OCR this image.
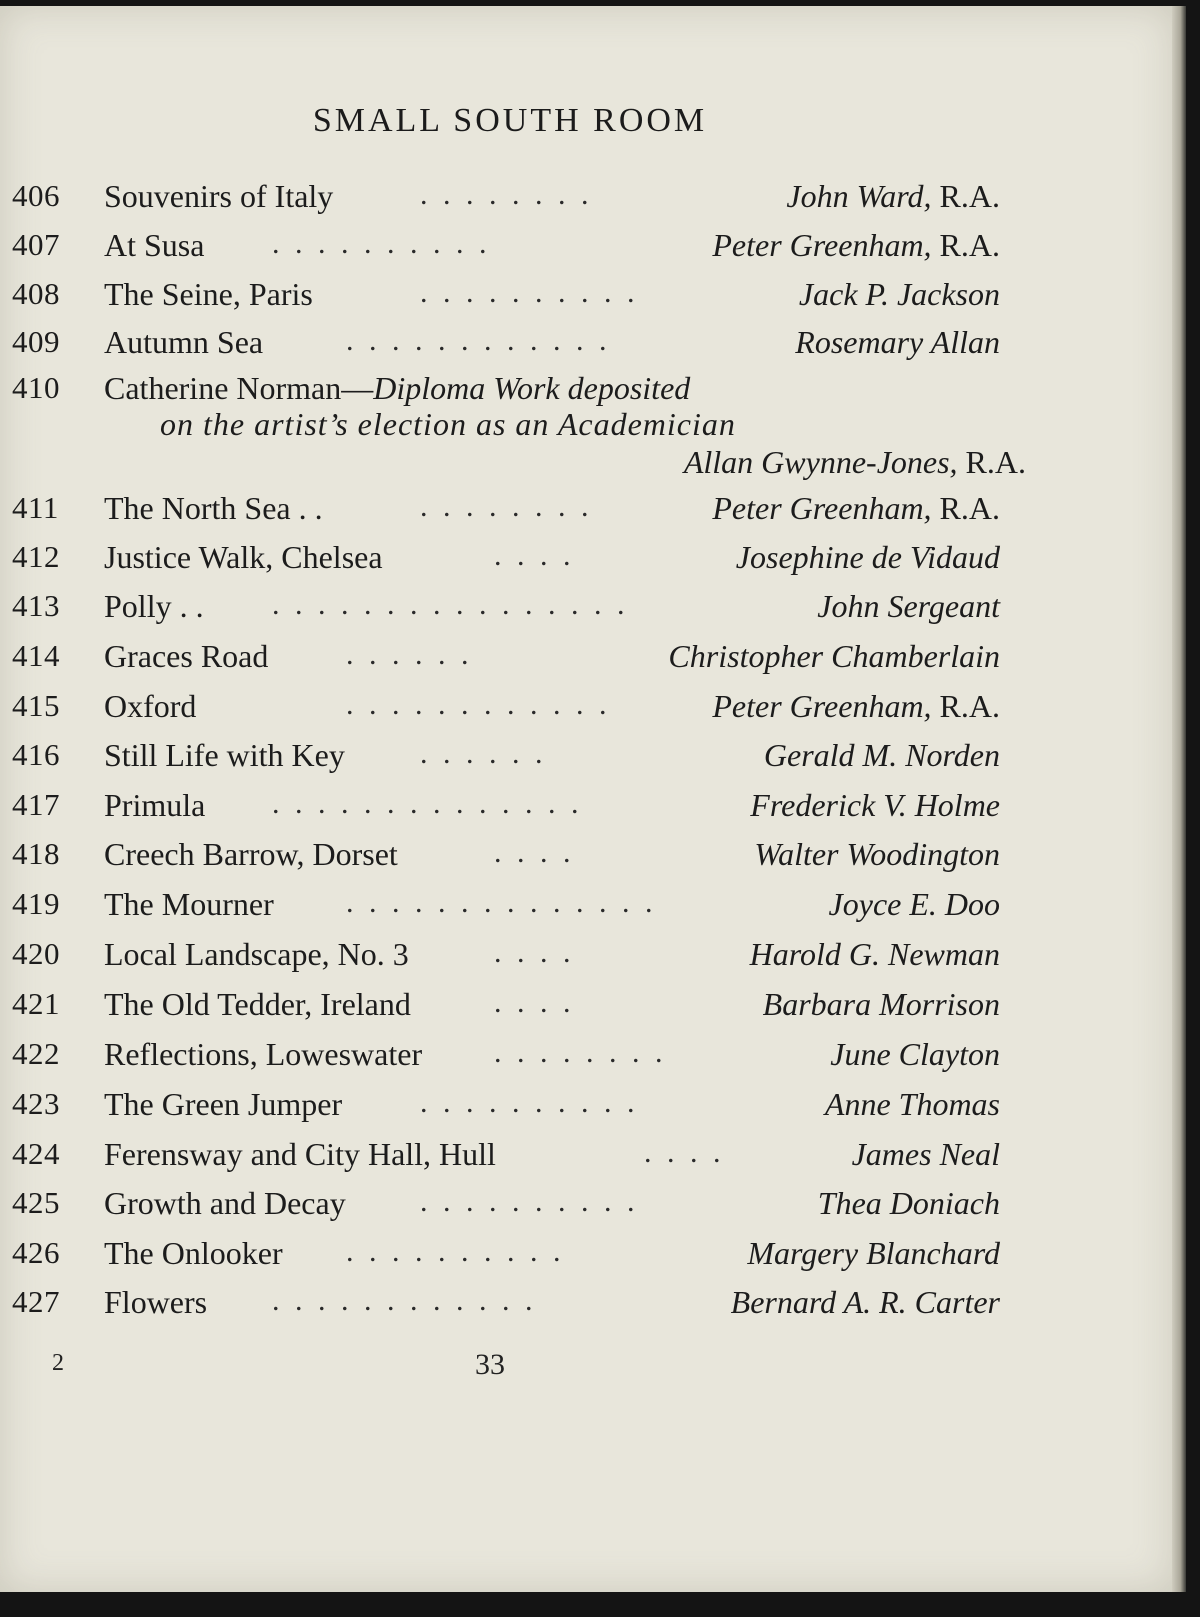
SMALL SOUTH ROOM
406 Souvenirs of Italy	. . . . . . . .	John Ward, R.A.
407 At Susa . . . . . . . . . .	Peter Greenham, R.A.
408 The Seine, Paris	. . . . . . . . . .	Jack P. Jackson
409 Autumn Sea	. . . . . . . . . . . .	Rosemary Allan
411 The North Sea . .	. . . . . . . .	Peter Greenham, R.A.
412 Justice Walk, Chelsea	. . . .	Josephine de Vidaud
413 Polly . . . . . . . . . . . . . . . . . .	John Sergeant
414 Graces Road	. . . . . .	Christopher Chamberlain
415 Oxford	. . . . . . . . . . . .	Peter Greenham, R.A.
416 Still Life with Key	. . . . . .	Gerald M. Norden
417 Primula . . . . . . . . . . . . . .	Frederick V. Holme
418 Creech Barrow, Dorset	. . . .	Walter Woodington
419 The Mourner . . . . . . . . . . . . . .	Joyce E. Doo
420 Local Landscape, No. 3	. . . .	Harold G. Newman
421 The Old Tedder, Ireland	. . . .	Barbara Morrison
422 Reflections, Loweswater . . . . . . . .	June Clayton
423 The Green Jumper	. . . . . . . . . .	Anne Thomas
424 Ferensway and City Hall, Hull	. . . .	James Neal
425 Growth and Decay . . . . . . . . . .	Thea Doniach
426 The Onlooker . . . . . . . . . .	Margery Blanchard
427 Flowers . . . . . . . . . . . .	Bernard A. R. Carter
410 Catherine Norman—Diploma Work deposited
on the artist’s election as an Academician
Allan Gwynne-Jones, R.A.
2	33
